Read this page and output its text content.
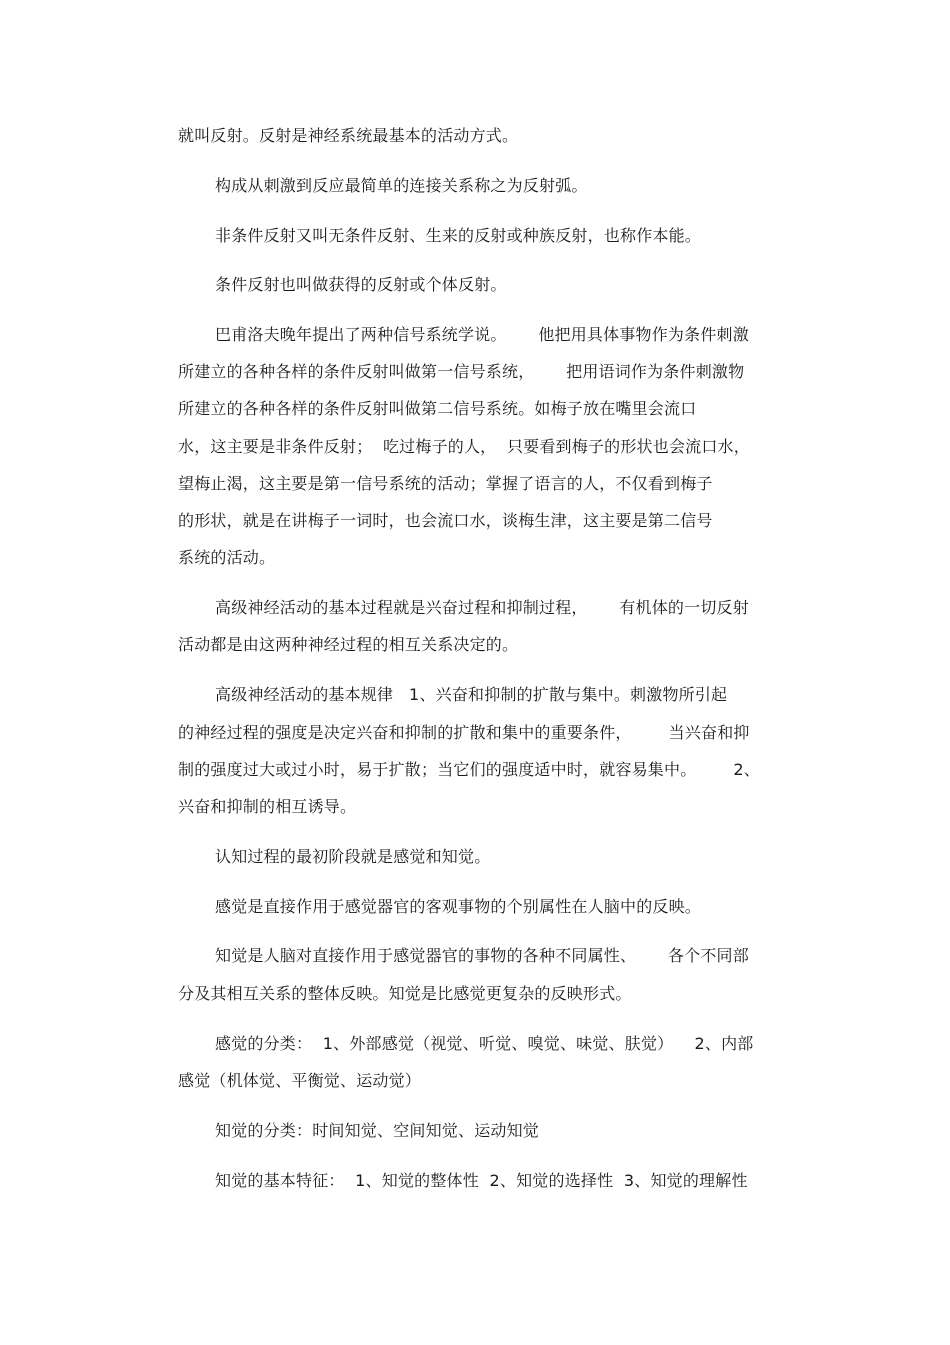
就叫反射。反射是神经系统最基本的活动方式。
构成从刺激到反应最简单的连接关系称之为反射弧。
非条件反射又叫无条件反射、生来的反射或种族反射，也称作本能。
条件反射也叫做获得的反射或个体反射。
巴甫洛夫晚年提出了两种信号系统学说。      他把用具体事物作为条件刺激
所建立的各种各样的条件反射叫做第一信号系统，      把用语词作为条件刺激物
所建立的各种各样的条件反射叫做第二信号系统。如梅子放在嘴里会流口
水，这主要是非条件反射；  吃过梅子的人，  只要看到梅子的形状也会流口水，
望梅止渴，这主要是第一信号系统的活动；掌握了语言的人，不仅看到梅子
的形状，就是在讲梅子一词时，也会流口水，谈梅生津，这主要是第二信号
系统的活动。
高级神经活动的基本过程就是兴奋过程和抑制过程，      有机体的一切反射
活动都是由这两种神经过程的相互关系决定的。
高级神经活动的基本规律   1、兴奋和抑制的扩散与集中。刺激物所引起
的神经过程的强度是决定兴奋和抑制的扩散和集中的重要条件，       当兴奋和抑
制的强度过大或过小时，易于扩散；当它们的强度适中时，就容易集中。       2、
兴奋和抑制的相互诱导。
认知过程的最初阶段就是感觉和知觉。
感觉是直接作用于感觉器官的客观事物的个别属性在人脑中的反映。
知觉是人脑对直接作用于感觉器官的事物的各种不同属性、      各个不同部
分及其相互关系的整体反映。知觉是比感觉更复杂的反映形式。
感觉的分类：  1、外部感觉（视觉、听觉、嗅觉、味觉、肤觉）    2、内部
感觉（机体觉、平衡觉、运动觉）
知觉的分类：时间知觉、空间知觉、运动知觉
知觉的基本特征：  1、知觉的整体性  2、知觉的选择性  3、知觉的理解性
